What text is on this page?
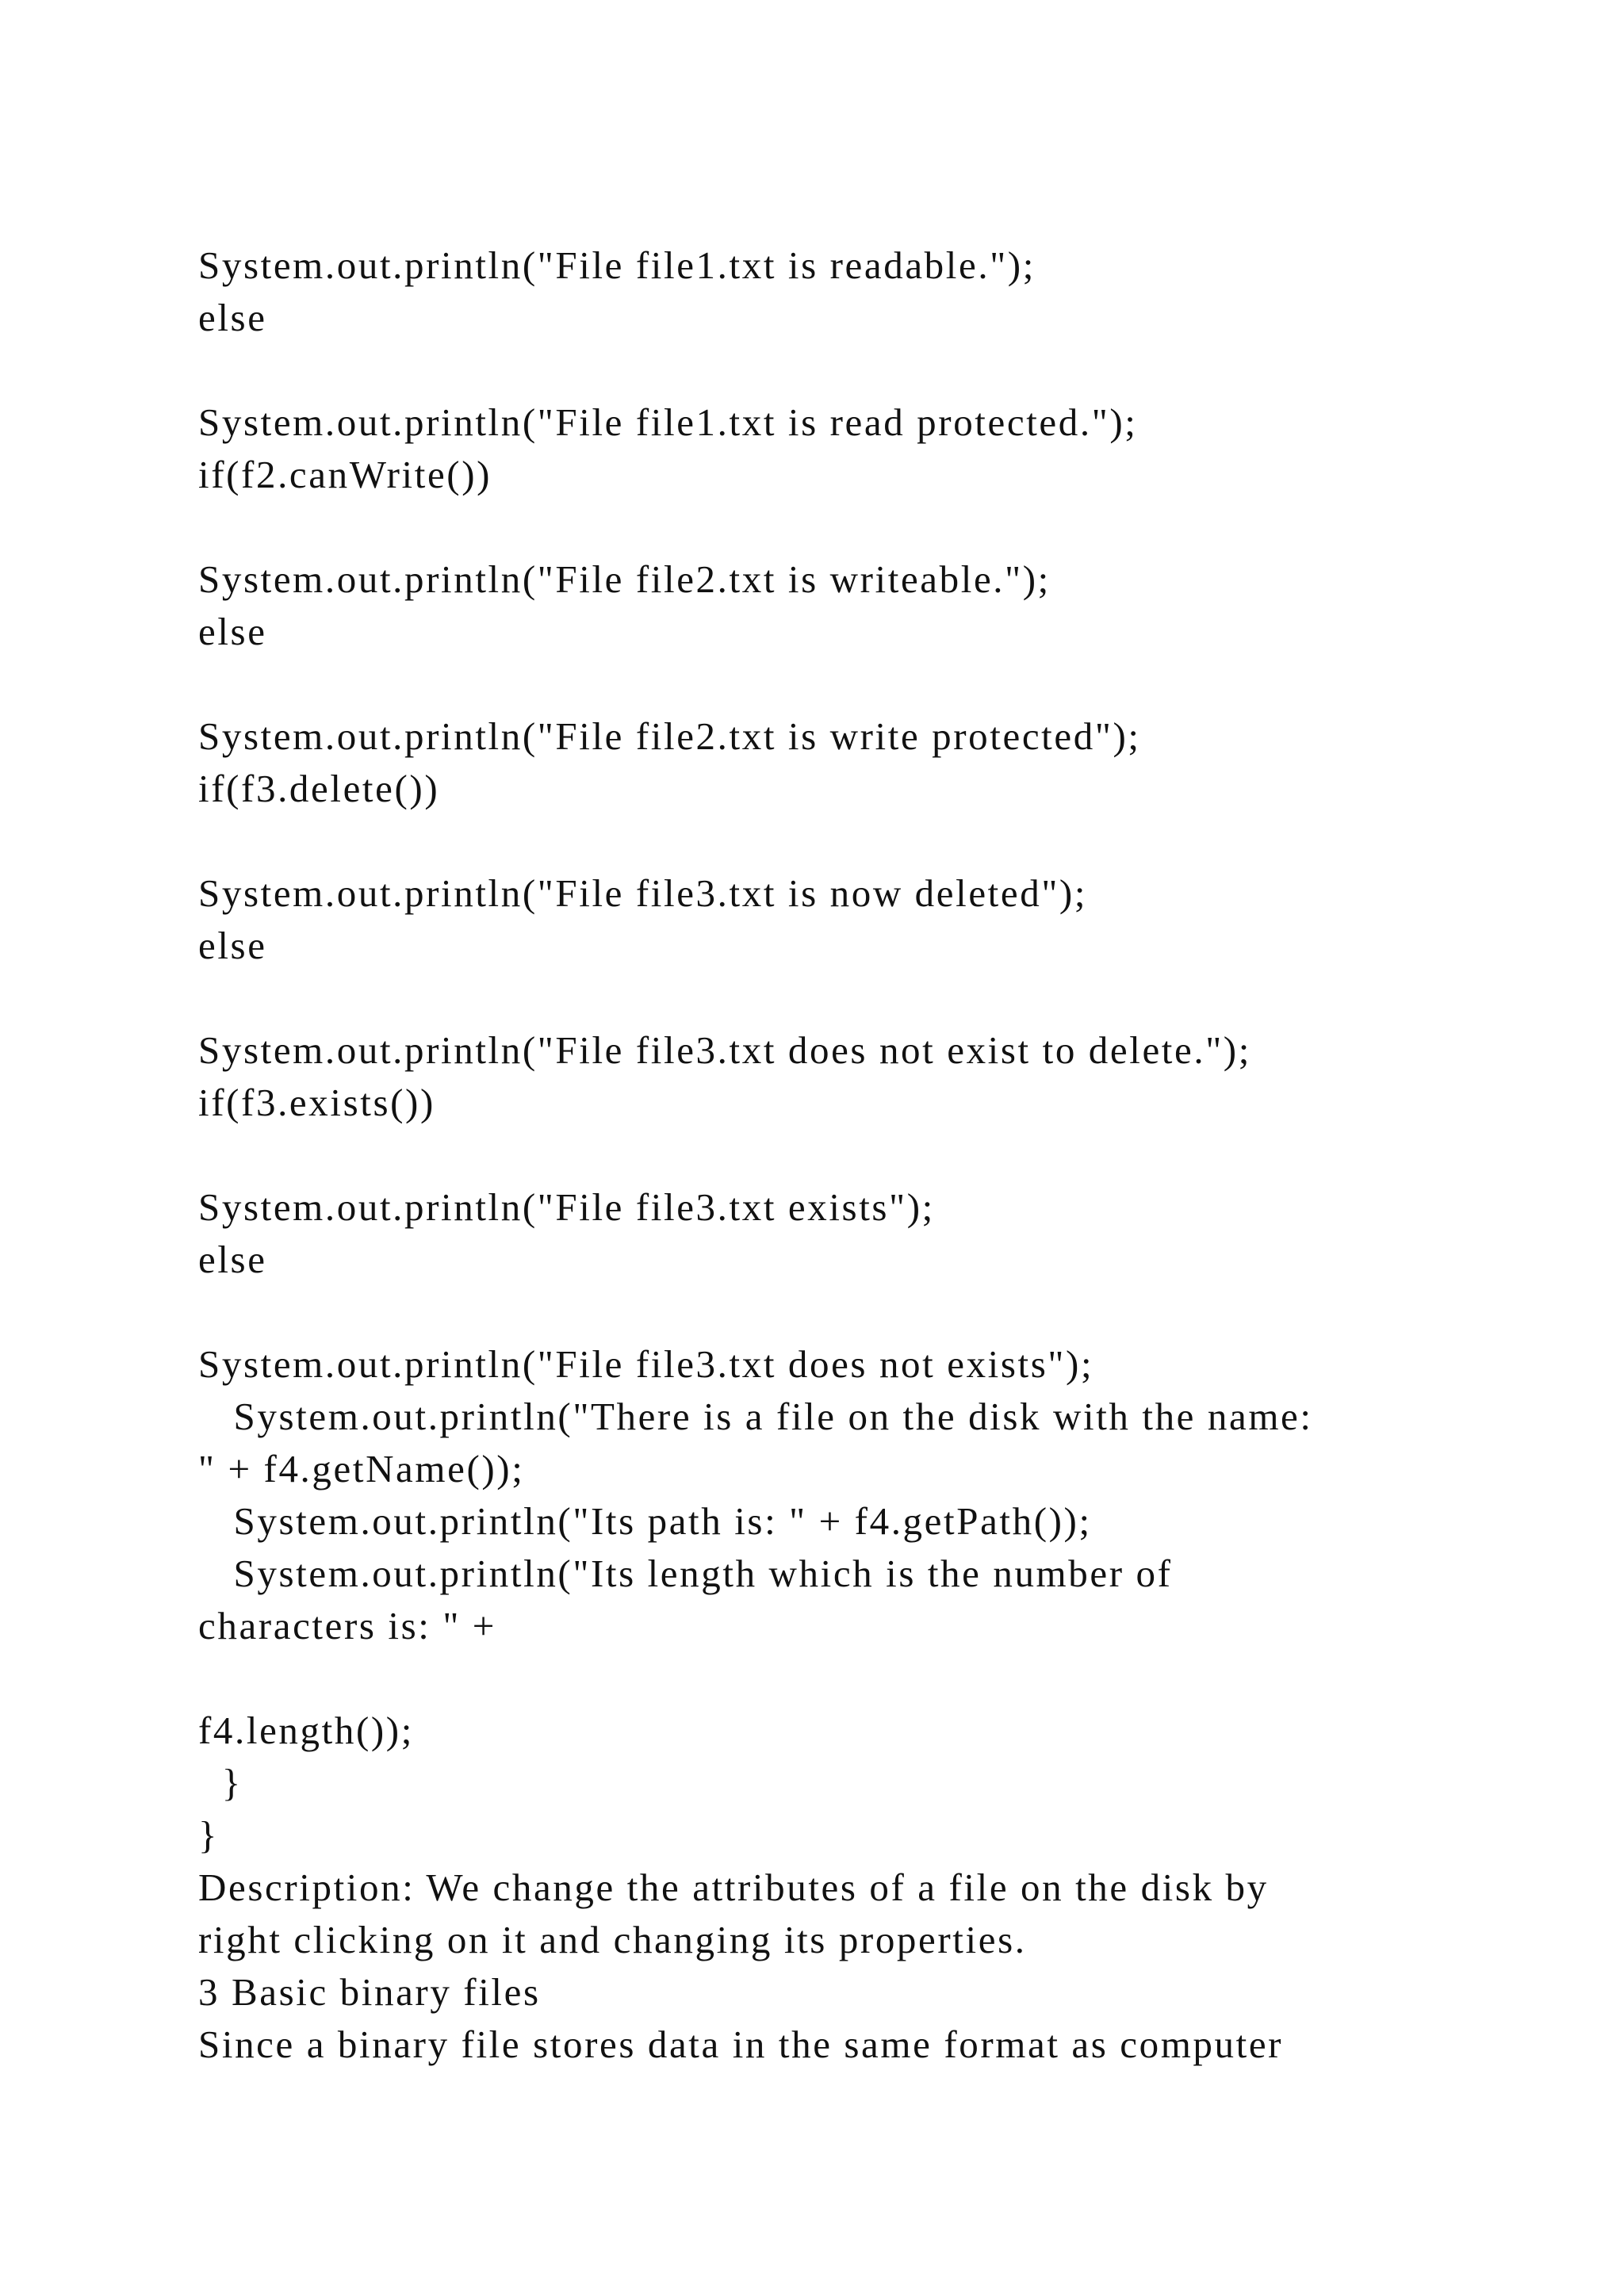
System.out.println("File file1.txt is readable.");

else

System.out.println("File file1.txt is read protected.");

if(f2.canWrite())

System.out.println("File file2.txt is writeable.");

else

System.out.println("File file2.txt is write protected");

if(f3.delete())

System.out.println("File file3.txt is now deleted");

else

System.out.println("File file3.txt does not exist to delete.");

if(f3.exists())

System.out.println("File file3.txt exists");

else

System.out.println("File file3.txt does not exists");

System.out.println("There is a file on the disk with the name:

" + f4.getName());

System.out.println("Its path is: " + f4.getPath());

System.out.println("Its length which is the number of

characters is: " +

f4.length());

}

}

Description: We change the attributes of a file on the disk by

right clicking on it and changing its properties.

3 Basic binary files

Since a binary file stores data in the same format as computer
